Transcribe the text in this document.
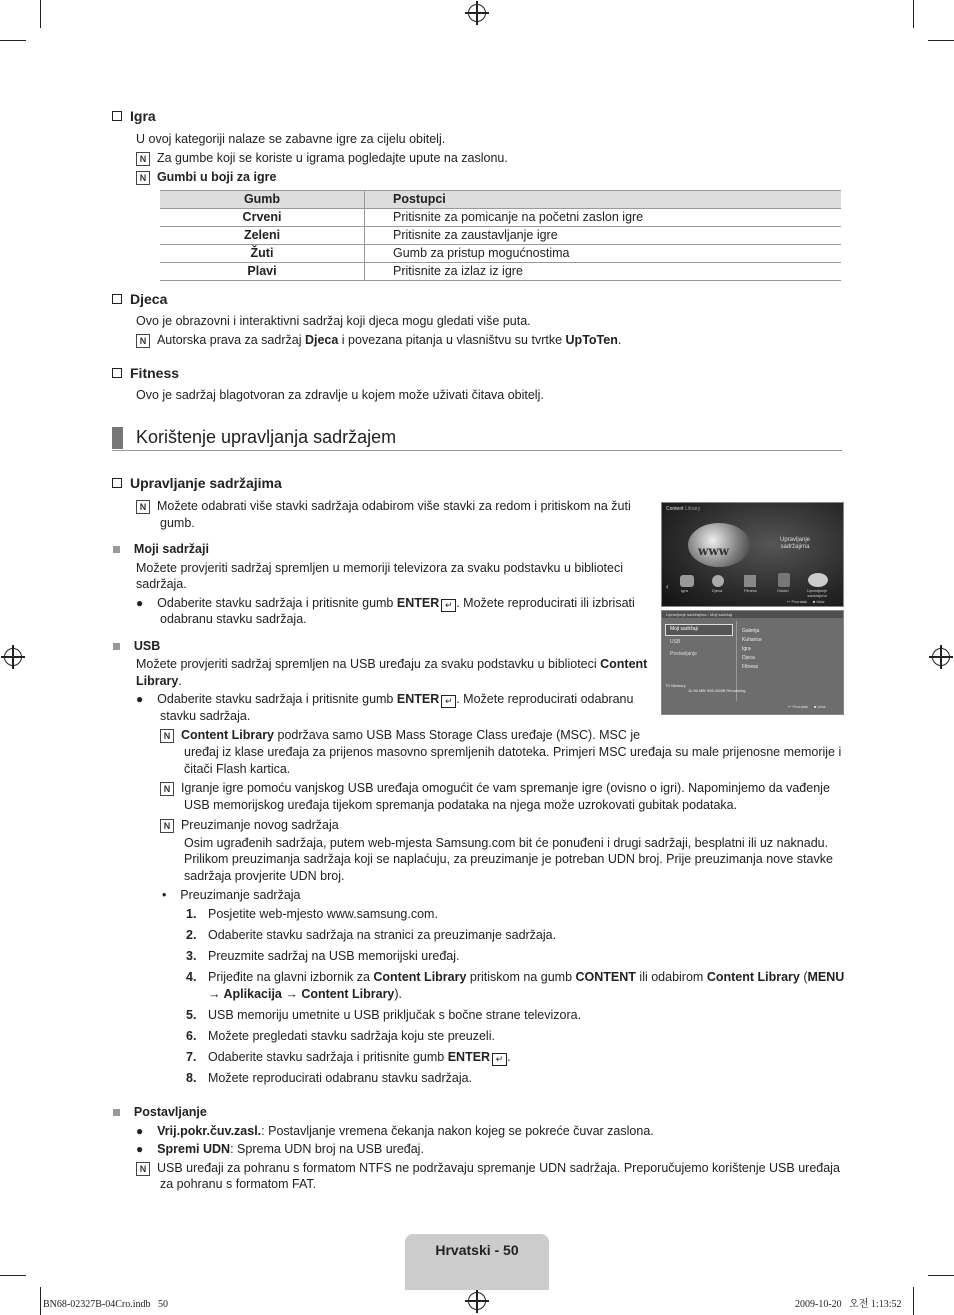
Igra
U ovoj kategoriji nalaze se zabavne igre za cijelu obitelj.
N Za gumbe koji se koriste u igrama pogledajte upute na zaslonu.
N Gumbi u boji za igre
Gumb	Postupci
Crveni	Pritisnite za pomicanje na početni zaslon igre
Zeleni	Pritisnite za zaustavljanje igre
Žuti	Gumb za pristup mogućnostima
Plavi	Pritisnite za izlaz iz igre
Djeca
Ovo je obrazovni i interaktivni sadržaj koji djeca mogu gledati više puta.
N Autorska prava za sadržaj Djeca i povezana pitanja u vlasništvu su tvrtke UpToTen.
Fitness
Ovo je sadržaj blagotvoran za zdravlje u kojem može uživati čitava obitelj.
Korištenje upravljanja sadržajem
Upravljanje sadržajima
N Možete odabrati više stavki sadržaja odabirom više stavki za redom i pritiskom na žuti
gumb.
Moji sadržaji
Možete provjeriti sadržaj spremljen u memoriji televizora za svaku podstavku u biblioteci
sadržaja.
● Odaberite stavku sadržaja i pritisnite gumb ENTER ↵ . Možete reproducirati ili izbrisati
odabranu stavku sadržaja.
USB
Možete provjeriti sadržaj spremljen na USB uređaju za svaku podstavku u biblioteci Content
Library.
● Odaberite stavku sadržaja i pritisnite gumb ENTER ↵ . Možete reproducirati odabranu
stavku sadržaja.
N Content Library podržava samo USB Mass Storage Class uređaje (MSC). MSC je
uređaj iz klase uređaja za prijenos masovno spremljenih datoteka. Primjeri MSC uređaja su male prijenosne memorije i
čitači Flash kartica.
N Igranje igre pomoću vanjskog USB uređaja omogućit će vam spremanje igre (ovisno o igri). Napominjemo da vađenje
USB memorijskog uređaja tijekom spremanja podataka na njega može uzrokovati gubitak podataka.
N Preuzimanje novog sadržaja
Osim ugrađenih sadržaja, putem web-mjesta Samsung.com bit će ponuđeni i drugi sadržaji, besplatni ili uz naknadu.
Prilikom preuzimanja sadržaja koji se naplaćuju, za preuzimanje je potreban UDN broj. Prije preuzimanja nove stavke
sadržaja provjerite UDN broj.
• Preuzimanje sadržaja
1. Posjetite web-mjesto www.samsung.com.
2. Odaberite stavku sadržaja na stranici za preuzimanje sadržaja.
3. Preuzmite sadržaj na USB memorijski uređaj.
4. Prijeđite na glavni izbornik za Content Library pritiskom na gumb CONTENT ili odabirom Content Library (MENU
→ Aplikacija → Content Library).
5. USB memoriju umetnite u USB priključak s bočne strane televizora.
6. Možete pregledati stavku sadržaja koju ste preuzeli.
7. Odaberite stavku sadržaja i pritisnite gumb ENTER ↵ .
8. Možete reproducirati odabranu stavku sadržaja.
Postavljanje
● Vrij.pokr.čuv.zasl.: Postavljanje vremena čekanja nakon kojeg se pokreće čuvar zaslona.
● Spremi UDN: Sprema UDN broj na USB uređaj.
N USB uređaji za pohranu s formatom NTFS ne podržavaju spremanje UDN sadržaja. Preporučujemo korištenje USB uređaja
za pohranu s formatom FAT.
Content Library
www
Upravljanje
sadržajima
‹	Igra	Djeca	Fitness	Ostalo	Upravljanje sadržajima
↩ Povratak     ■ Izlaz
Upravljanje sadržajima › Moji sadržaji
Moji sadržaji
USB
Postavljanje
Galerija
Kuharice
Igra
Djeca
Fitness
TV Memory
11.96 MB/ 998.00MB Remaining
↩ Povratak     ■ Izlaz
Hrvatski - 50
BN68-02327B-04Cro.indb   50	2009-10-20   오전 1:13:52
